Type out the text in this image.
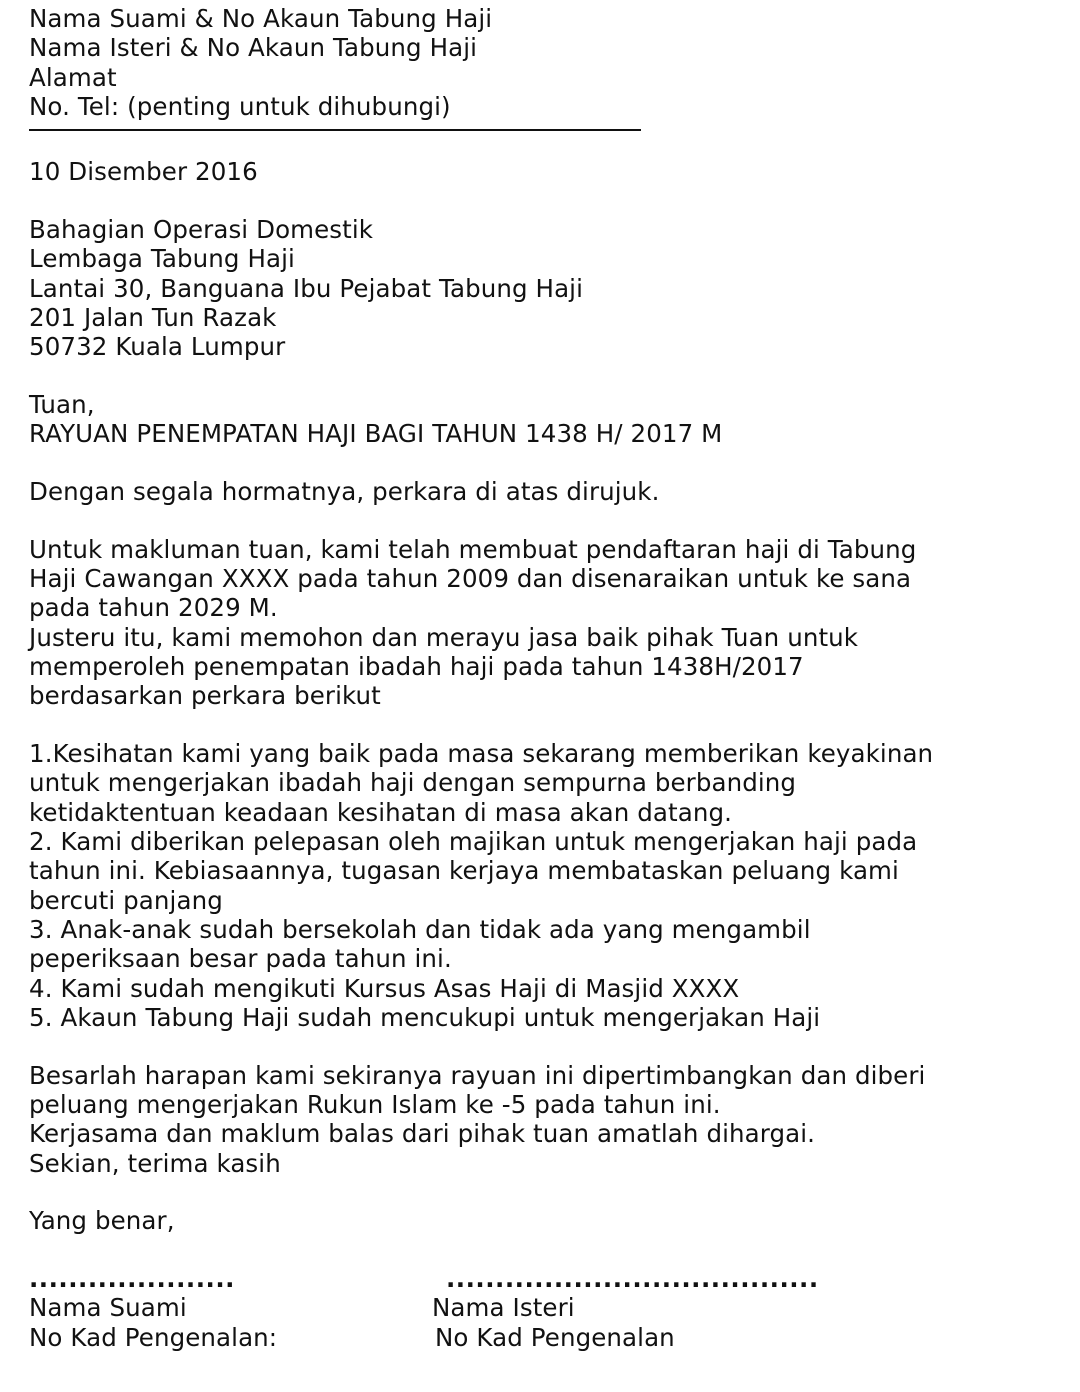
Nama Suami & No Akaun Tabung Haji
Nama Isteri & No Akaun Tabung Haji
Alamat
No. Tel: (penting untuk dihubungi)
10 Disember 2016
Bahagian Operasi Domestik
Lembaga Tabung Haji
Lantai 30, Banguana Ibu Pejabat Tabung Haji
201 Jalan Tun Razak
50732 Kuala Lumpur
Tuan,
RAYUAN PENEMPATAN HAJI BAGI TAHUN 1438 H/ 2017 M
Dengan segala hormatnya, perkara di atas dirujuk.
Untuk makluman tuan, kami telah membuat pendaftaran haji di Tabung
Haji Cawangan XXXX pada tahun 2009 dan disenaraikan untuk ke sana
pada tahun 2029 M.
Justeru itu, kami memohon dan merayu jasa baik pihak Tuan untuk
memperoleh penempatan ibadah haji pada tahun 1438H/2017
berdasarkan perkara berikut
1.Kesihatan kami yang baik pada masa sekarang memberikan keyakinan
untuk mengerjakan ibadah haji dengan sempurna berbanding
ketidaktentuan keadaan kesihatan di masa akan datang.
2. Kami diberikan pelepasan oleh majikan untuk mengerjakan haji pada
tahun ini. Kebiasaannya, tugasan kerjaya membataskan peluang kami
bercuti panjang
3. Anak-anak sudah bersekolah dan tidak ada yang mengambil
peperiksaan besar pada tahun ini.
4. Kami sudah mengikuti Kursus Asas Haji di Masjid XXXX
5. Akaun Tabung Haji sudah mencukupi untuk mengerjakan Haji
Besarlah harapan kami sekiranya rayuan ini dipertimbangkan dan diberi
peluang mengerjakan Rukun Islam ke -5 pada tahun ini.
Kerjasama dan maklum balas dari pihak tuan amatlah dihargai.
Sekian, terima kasih
Yang benar,
.....................
Nama Suami
No Kad Pengenalan:
......................................
Nama Isteri
No Kad Pengenalan
